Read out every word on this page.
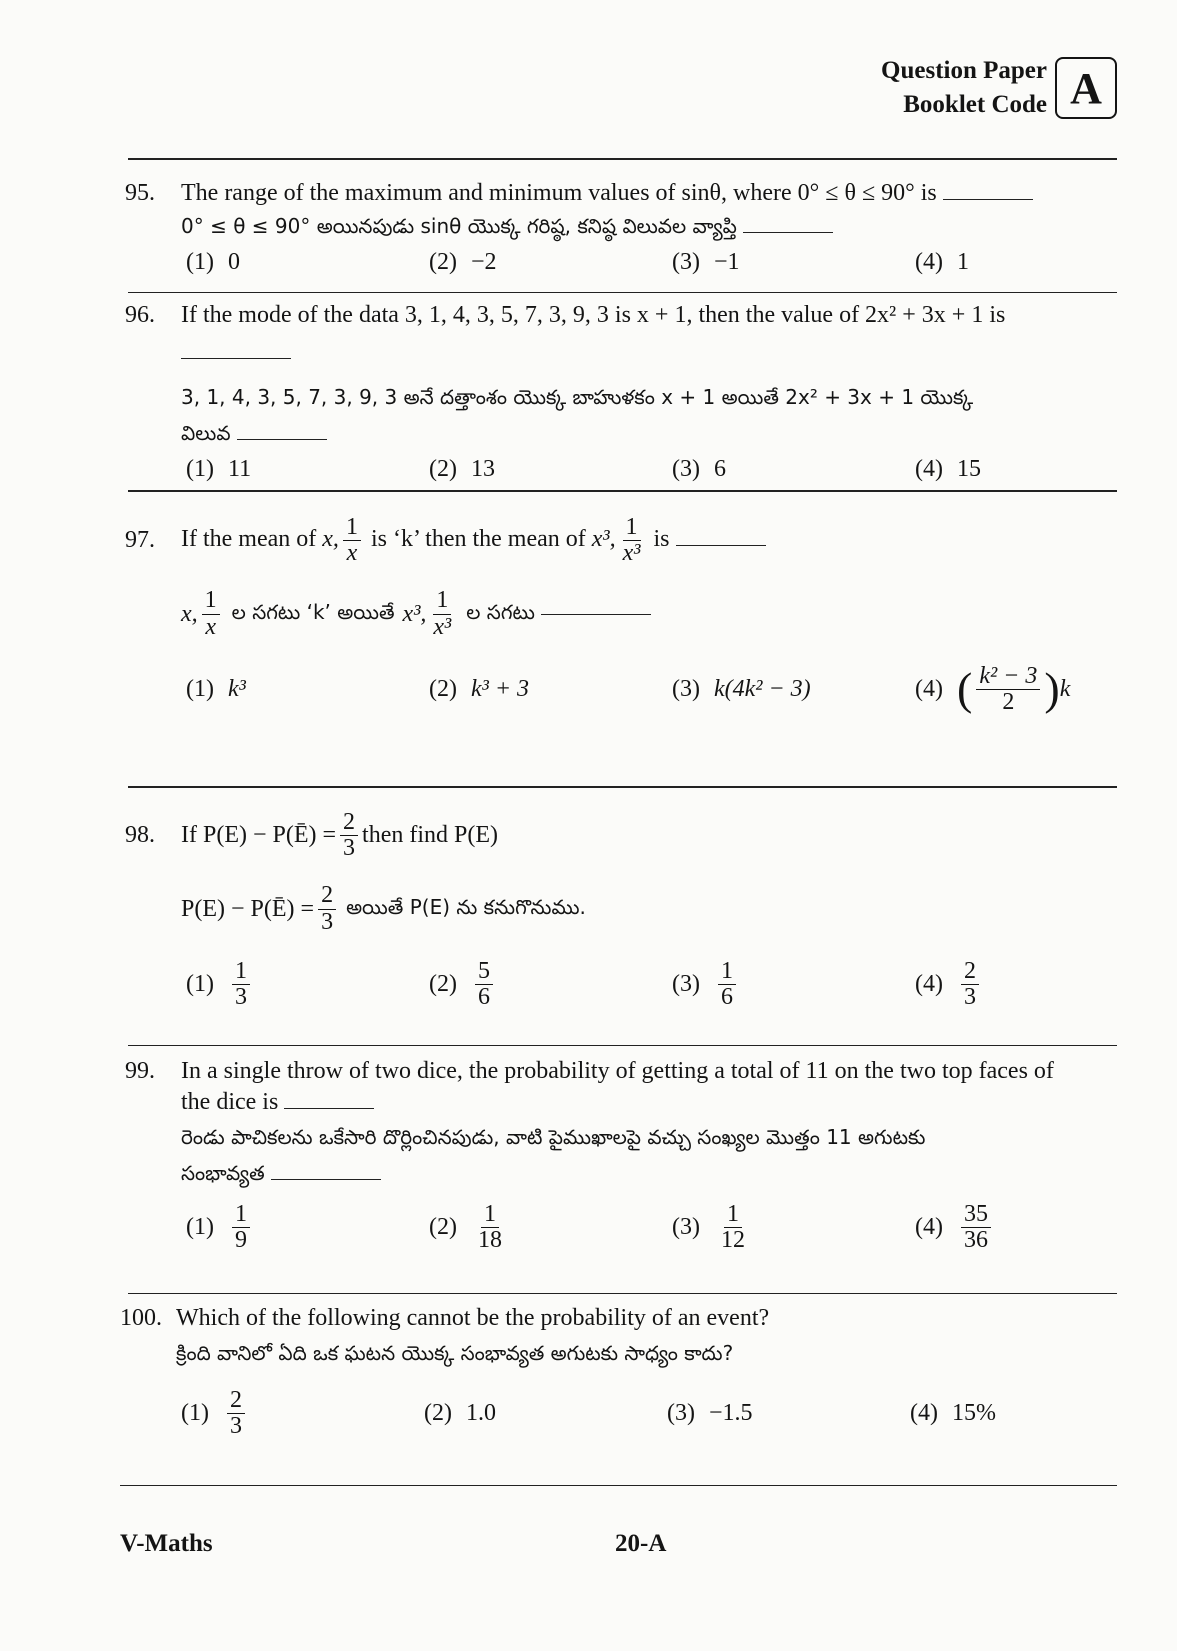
Question Paper
Booklet Code A
95.	The range of the maximum and minimum values of sinθ, where 0° ≤ θ ≤ 90° is
0° ≤ θ ≤ 90° అయినపుడు sinθ యొక్క గరిష్ఠ, కనిష్ఠ విలువల వ్యాప్తి
(1) 0	(2) −2	(3) −1	(4) 1
96.	If the mode of the data 3, 1, 4, 3, 5, 7, 3, 9, 3 is x + 1, then the value of 2x² + 3x + 1 is
3, 1, 4, 3, 5, 7, 3, 9, 3 అనే దత్తాంశం యొక్క బాహుళకం x + 1 అయితే 2x² + 3x + 1 యొక్క
విలువ
(1) 11	(2) 13	(3) 6	(4) 15
97.	If the mean of x, $\frac{1}{x}$ is ‘k’ then the mean of x³, $\frac{1}{\text{x³}}$ is
x, $\frac{1}{x}$ ల సగటు ‘k’ అయితే x³, $\frac{1}{\text{x³}}$ ల సగటు
(1) k³	(2) k³ + 3	(3) k(4k² − 3)	(4) ( $\frac{\text{k² − 3}}{2}$ ) k
98.	If P(E) − P(Ē) = $\frac{2}{3}$ then find P(E)
P(E) − P(Ē) = $\frac{2}{3}$ అయితే P(E) ను కనుగొనుము.
$(1) \frac{1}{3}$	$(2) \frac{5}{6}$	$(3) \frac{1}{6}$	$(4) \frac{2}{3}$
99.	In a single throw of two dice, the probability of getting a total of 11 on the two top faces of
the dice is
రెండు పాచికలను ఒకేసారి దొర్లించినపుడు, వాటి పైముఖాలపై వచ్చు సంఖ్యల మొత్తం 11 అగుటకు
సంభావ్యత
$(1) \frac{1}{9}$	$(2) \frac{1}{18}$	$(3) \frac{1}{12}$	$(4) \frac{35}{36}$
100. Which of the following cannot be the probability of an event?
క్రింది వానిలో ఏది ఒక ఘటన యొక్క సంభావ్యత అగుటకు సాధ్యం కాదు?
$(1) \frac{2}{3}$	(2) 1.0	(3) −1.5	(4) 15%
V-Maths	20-A
